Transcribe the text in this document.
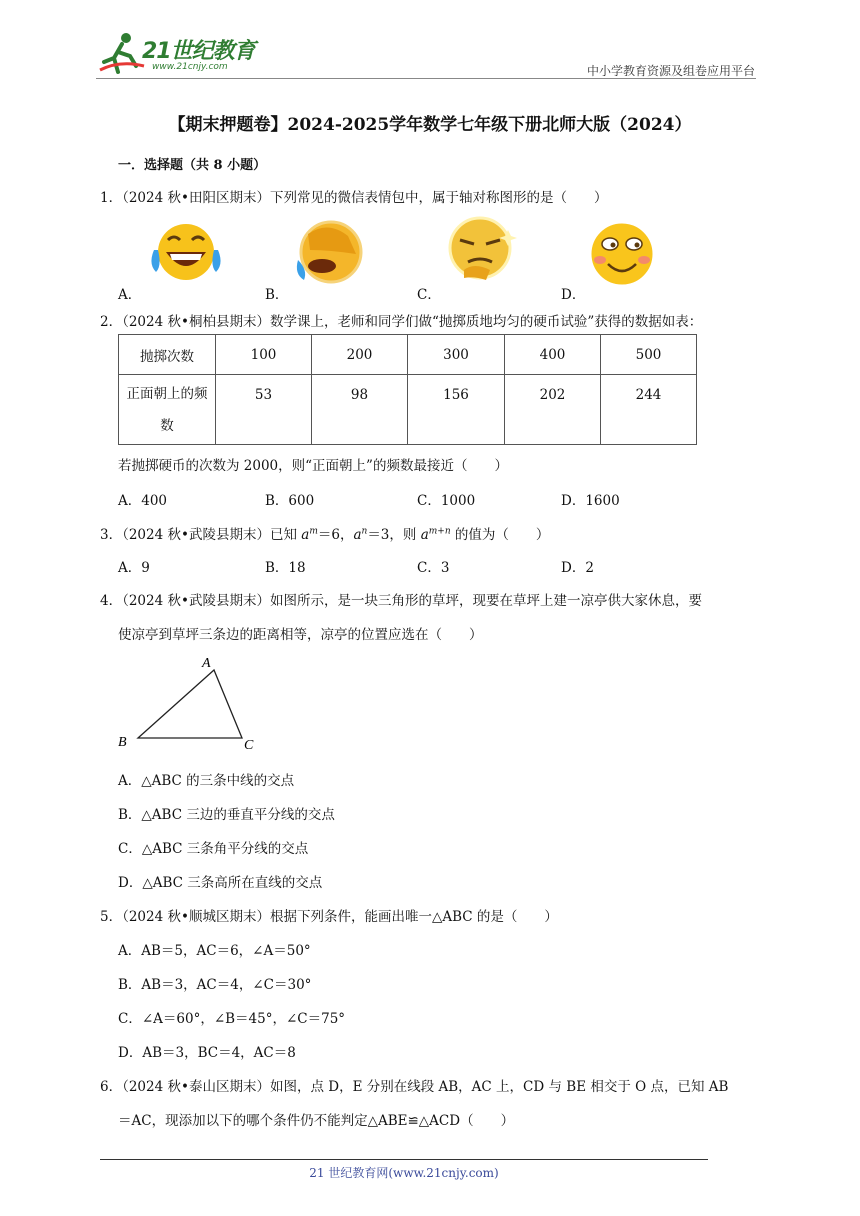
21世纪教育
www.21cnjy.com	中小学教育资源及组卷应用平台
【期末押题卷】2024-2025学年数学七年级下册北师大版（2024）
一．选择题（共 8 小题）
1．（2024 秋•田阳区期末）下列常见的微信表情包中，属于轴对称图形的是（　　）
A．	B．	C．	D．
2．（2024 秋•桐柏县期末）数学课上，老师和同学们做“抛掷质地均匀的硬币试验”获得的数据如表：
抛掷次数	100	200	300	400	500

正面朝上的频
数	53	98	156	202	244
若抛掷硬币的次数为 2000，则“正面朝上”的频数最接近（　　）
A．400	B．600	C．1000	D．1600
3．（2024 秋•武陵县期末）已知 $a^m=6$，$a^n=3$，则 $a^{m+n}$ 的值为（　　）
A．9	B．18	C．3	D．2
4．（2024 秋•武陵县期末）如图所示，是一块三角形的草坪，现要在草坪上建一凉亭供大家休息，要
使凉亭到草坪三条边的距离相等，凉亭的位置应选在（　　）
A
B	C
A．△ABC 的三条中线的交点
B．△ABC 三边的垂直平分线的交点
C．△ABC 三条角平分线的交点
D．△ABC 三条高所在直线的交点
5．（2024 秋•顺城区期末）根据下列条件，能画出唯一△ABC 的是（　　）
A．AB＝5，AC＝6，∠A＝50°
B．AB＝3，AC＝4，∠C＝30°
C．∠A＝60°，∠B＝45°，∠C＝75°
D．AB＝3，BC＝4，AC＝8
6．（2024 秋•泰山区期末）如图，点 D，E 分别在线段 AB，AC 上，CD 与 BE 相交于 O 点，已知 AB
＝AC，现添加以下的哪个条件仍不能判定△ABE≌△ACD（　　）
21 世纪教育网(www.21cnjy.com)
